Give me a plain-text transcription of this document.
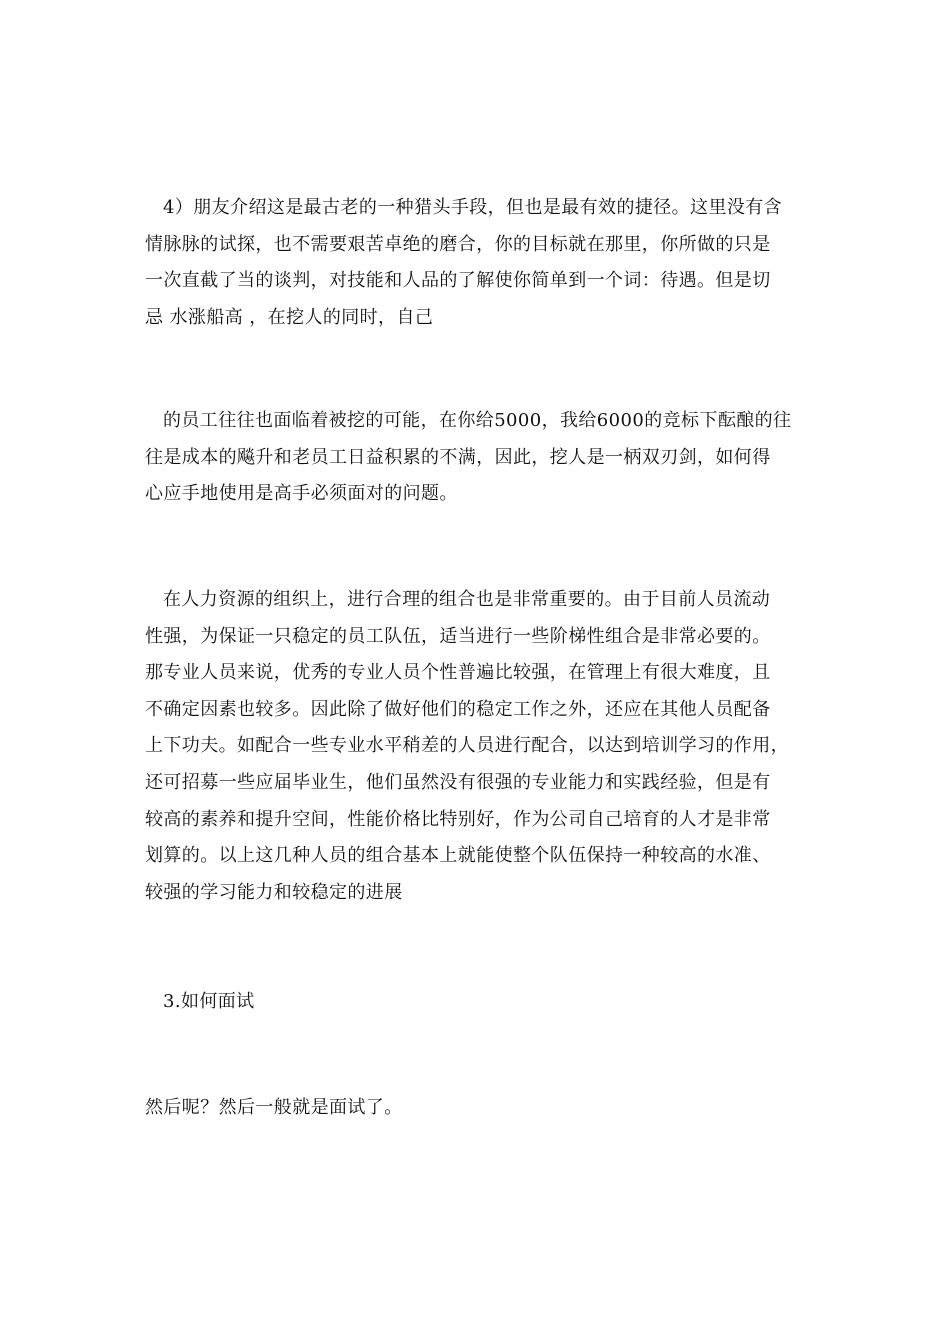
4）朋友介绍这是最古老的一种猎头手段，但也是最有效的捷径。这里没有含
情脉脉的试探，也不需要艰苦卓绝的磨合，你的目标就在那里，你所做的只是
一次直截了当的谈判，对技能和人品的了解使你简单到一个词：待遇。但是切
忌 水涨船高 ，在挖人的同时，自己

的员工往往也面临着被挖的可能，在你给5000，我给6000的竞标下酝酿的往
往是成本的飚升和老员工日益积累的不满，因此，挖人是一柄双刃剑，如何得
心应手地使用是高手必须面对的问题。

在人力资源的组织上，进行合理的组合也是非常重要的。由于目前人员流动
性强，为保证一只稳定的员工队伍，适当进行一些阶梯性组合是非常必要的。
那专业人员来说，优秀的专业人员个性普遍比较强，在管理上有很大难度，且
不确定因素也较多。因此除了做好他们的稳定工作之外，还应在其他人员配备
上下功夫。如配合一些专业水平稍差的人员进行配合，以达到培训学习的作用，
还可招募一些应届毕业生，他们虽然没有很强的专业能力和实践经验，但是有
较高的素养和提升空间，性能价格比特别好，作为公司自己培育的人才是非常
划算的。以上这几种人员的组合基本上就能使整个队伍保持一种较高的水准、
较强的学习能力和较稳定的进展

3.如何面试

然后呢？然后一般就是面试了。
